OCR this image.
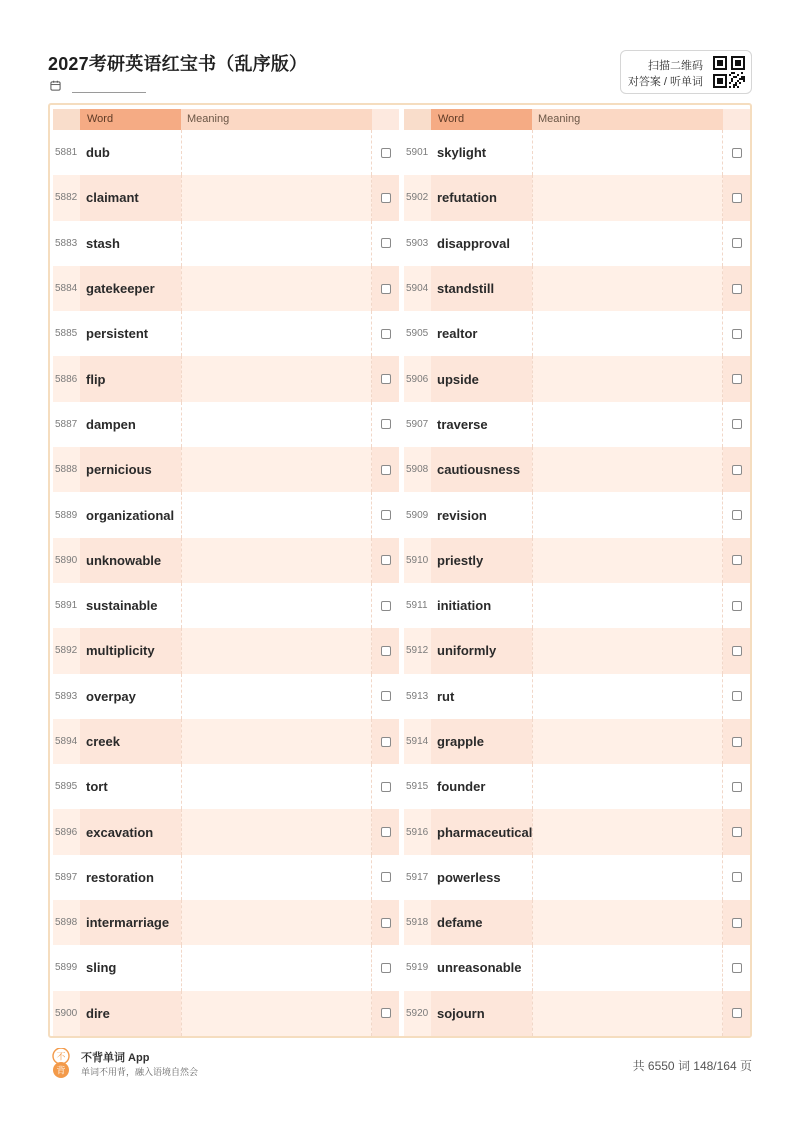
2027考研英语红宝书（乱序版）	扫描二维码
对答案 / 听单词
Word	Meaning
5881 dub
5882 claimant
5883 stash
5884 gatekeeper
5885 persistent
5886 flip
5887 dampen
5888 pernicious
5889 organizational
5890 unknowable
5891 sustainable
5892 multiplicity
5893 overpay
5894 creek
5895 tort
5896 excavation
5897 restoration
5898 intermarriage
5899 sling
5900 dire
Word	Meaning
5901 skylight
5902 refutation
5903 disapproval
5904 standstill
5905 realtor
5906 upside
5907 traverse
5908 cautiousness
5909 revision
5910 priestly
5911 initiation
5912 uniformly
5913 rut
5914 grapple
5915 founder
5916 pharmaceutical
5917 powerless
5918 defame
5919 unreasonable
5920 sojourn
不
背
不背单词 App
单词不用背，融入语境自然会	共 6550 词 148/164 页
